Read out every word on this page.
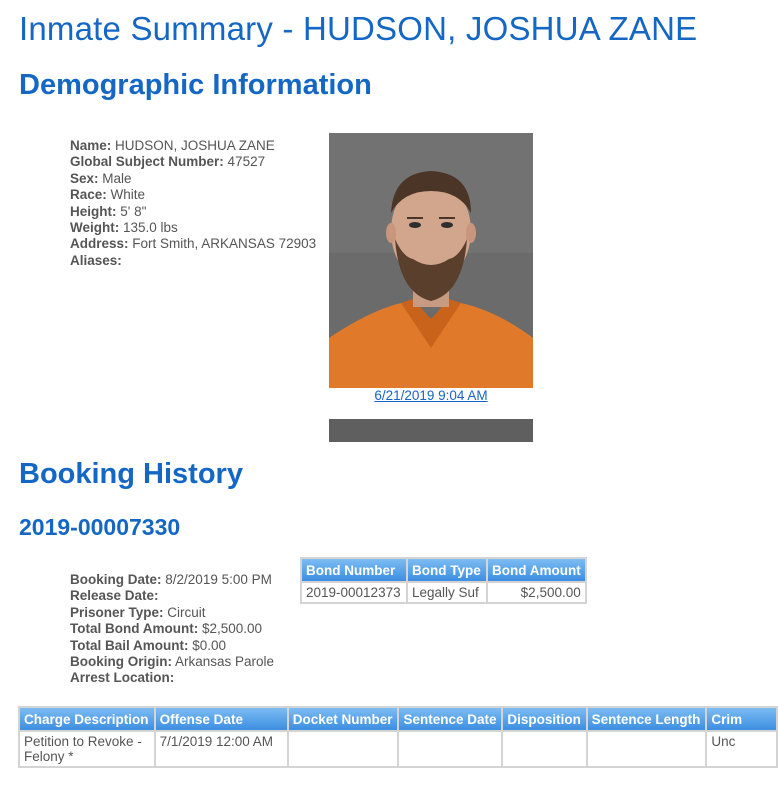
Inmate Summary - HUDSON, JOSHUA ZANE
Demographic Information
Name: HUDSON, JOSHUA ZANE
Global Subject Number: 47527
Sex: Male
Race: White
Height: 5' 8"
Weight: 135.0 lbs
Address: Fort Smith, ARKANSAS 72903
Aliases:
6/21/2019 9:04 AM
Booking History
2019-00007330
Booking Date: 8/2/2019 5:00 PM
Release Date:
Prisoner Type: Circuit
Total Bond Amount: $2,500.00
Total Bail Amount: $0.00
Booking Origin: Arkansas Parole
Arrest Location:
Bond Number	Bond Type	Bond Amount
2019-00012373	Legally Suf	$2,500.00
Charge Description	Offense Date	Docket Number	Sentence Date	Disposition	Sentence Length	Crim
Petition to Revoke - Felony *	7/1/2019 12:00 AM					Unc
